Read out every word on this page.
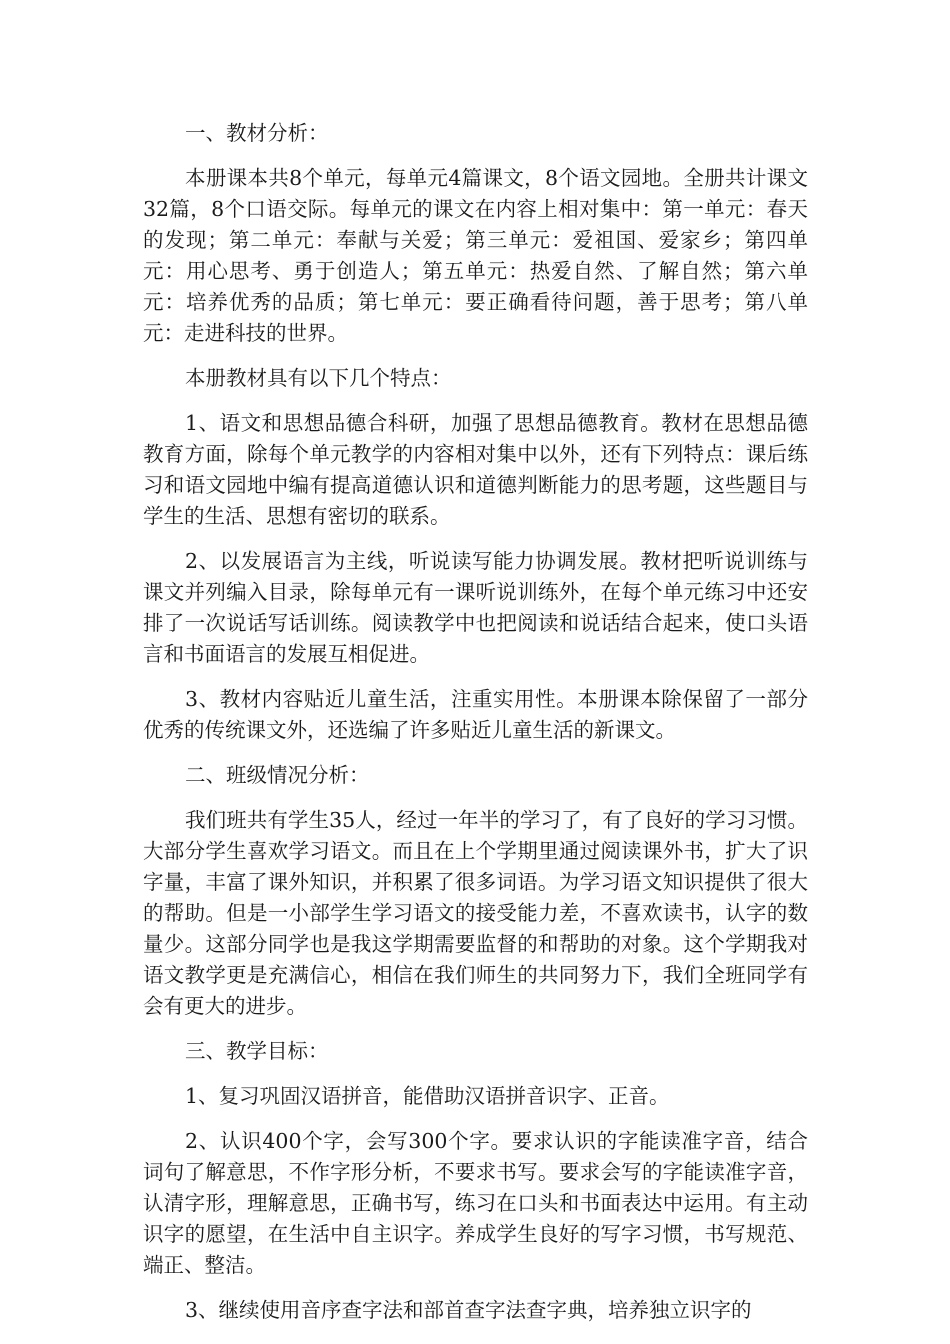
一、教材分析：

本册课本共8个单元，每单元4篇课文，8个语文园地。全册共计课文32篇，8个口语交际。每单元的课文在内容上相对集中：第一单元：春天的发现；第二单元：奉献与关爱；第三单元：爱祖国、爱家乡；第四单元：用心思考、勇于创造人；第五单元：热爱自然、了解自然；第六单元：培养优秀的品质；第七单元：要正确看待问题，善于思考；第八单元：走进科技的世界。

本册教材具有以下几个特点：

1、语文和思想品德合科研，加强了思想品德教育。教材在思想品德教育方面，除每个单元教学的内容相对集中以外，还有下列特点：课后练习和语文园地中编有提高道德认识和道德判断能力的思考题，这些题目与学生的生活、思想有密切的联系。

2、以发展语言为主线，听说读写能力协调发展。教材把听说训练与课文并列编入目录，除每单元有一课听说训练外，在每个单元练习中还安排了一次说话写话训练。阅读教学中也把阅读和说话结合起来，使口头语言和书面语言的发展互相促进。

3、教材内容贴近儿童生活，注重实用性。本册课本除保留了一部分优秀的传统课文外，还选编了许多贴近儿童生活的新课文。

二、班级情况分析：

我们班共有学生35人，经过一年半的学习了，有了良好的学习习惯。大部分学生喜欢学习语文。而且在上个学期里通过阅读课外书，扩大了识字量，丰富了课外知识，并积累了很多词语。为学习语文知识提供了很大的帮助。但是一小部学生学习语文的接受能力差，不喜欢读书，认字的数量少。这部分同学也是我这学期需要监督的和帮助的对象。这个学期我对语文教学更是充满信心，相信在我们师生的共同努力下，我们全班同学有会有更大的进步。

三、教学目标：

1、复习巩固汉语拼音，能借助汉语拼音识字、正音。

2、认识400个字，会写300个字。要求认识的字能读准字音，结合词句了解意思，不作字形分析，不要求书写。要求会写的字能读准字音，认清字形，理解意思，正确书写，练习在口头和书面表达中运用。有主动识字的愿望，在生活中自主识字。养成学生良好的写字习惯，书写规范、端正、整洁。

3、继续使用音序查字法和部首查字法查字典，培养独立识字的
